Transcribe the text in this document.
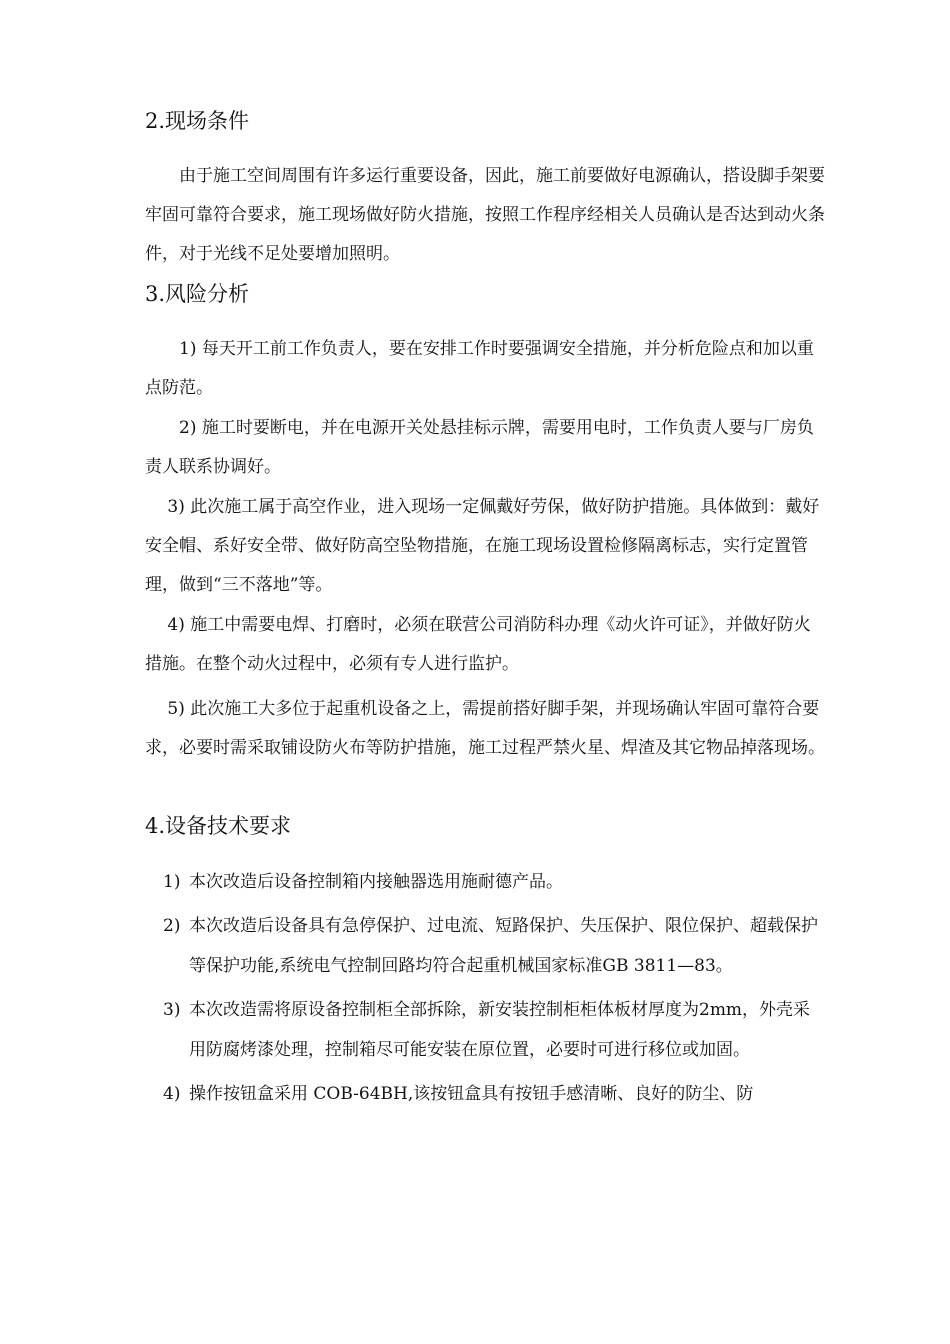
2.现场条件

　　由于施工空间周围有许多运行重要设备，因此，施工前要做好电源确认，搭设脚手架要牢固可靠符合要求，施工现场做好防火措施，按照工作程序经相关人员确认是否达到动火条件，对于光线不足处要增加照明。

3.风险分析

　　1) 每天开工前工作负责人，要在安排工作时要强调安全措施，并分析危险点和加以重点防范。

　　2) 施工时要断电，并在电源开关处悬挂标示牌，需要用电时，工作负责人要与厂房负责人联系协调好。

　 3) 此次施工属于高空作业，进入现场一定佩戴好劳保，做好防护措施。具体做到：戴好安全帽、系好安全带、做好防高空坠物措施，在施工现场设置检修隔离标志，实行定置管理，做到“三不落地”等。

　 4) 施工中需要电焊、打磨时，必须在联营公司消防科办理《动火许可证》，并做好防火措施。在整个动火过程中，必须有专人进行监护。

　 5) 此次施工大多位于起重机设备之上，需提前搭好脚手架，并现场确认牢固可靠符合要求，必要时需采取铺设防火布等防护措施，施工过程严禁火星、焊渣及其它物品掉落现场。

4.设备技术要求
1) 本次改造后设备控制箱内接触器选用施耐德产品。
2) 本次改造后设备具有急停保护、过电流、短路保护、失压保护、限位保护、超载保护等保护功能,系统电气控制回路均符合起重机械国家标准GB 3811—83。
3) 本次改造需将原设备控制柜全部拆除，新安装控制柜柜体板材厚度为2mm，外壳采用防腐烤漆处理，控制箱尽可能安装在原位置，必要时可进行移位或加固。
4) 操作按钮盒采用 COB-64BH,该按钮盒具有按钮手感清晰、良好的防尘、防
